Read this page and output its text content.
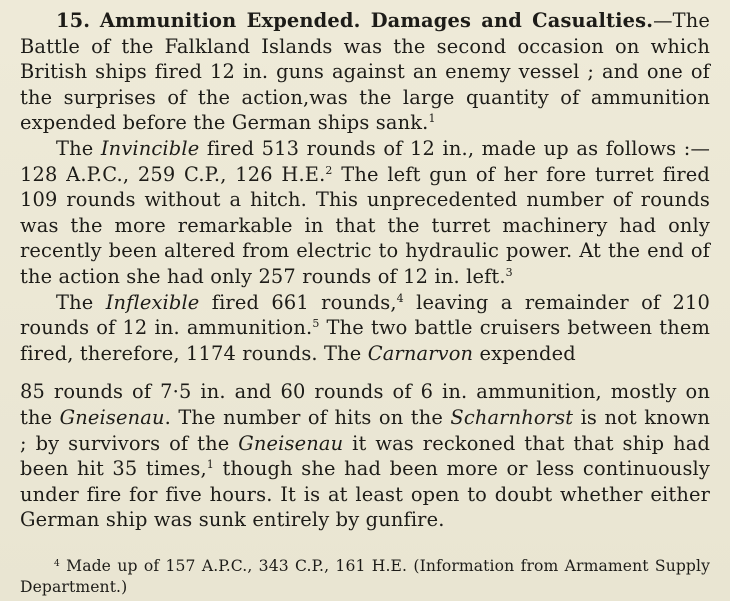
15. Ammunition Expended. Damages and Casualties.—The Battle of the Falkland Islands was the second occasion on which British ships fired 12 in. guns against an enemy vessel ; and one of the surprises of the action,was the large quantity of ammunition expended before the German ships sank.$^1$

The Invincible fired 513 rounds of 12 in., made up as follows :— 128 A.P.C., 259 C.P., 126 H.E.$^2$ The left gun of her fore turret fired 109 rounds without a hitch. This unprecedented number of rounds was the more remarkable in that the turret machinery had only recently been altered from electric to hydraulic power. At the end of the action she had only 257 rounds of 12 in. left.$^3$

The Inflexible fired 661 rounds,$^4$ leaving a remainder of 210 rounds of 12 in. ammunition.$^5$ The two battle cruisers between them fired, therefore, 1174 rounds. The Carnarvon expended

85 rounds of 7·5 in. and 60 rounds of 6 in. ammunition, mostly on the Gneisenau. The number of hits on the Scharnhorst is not known ; by survivors of the Gneisenau it was reckoned that that ship had been hit 35 times,$^1$ though she had been more or less continuously under fire for five hours. It is at least open to doubt whether either German ship was sunk entirely by gunfire.

$^4$ Made up of 157 A.P.C., 343 C.P., 161 H.E. (Information from Armament Supply Department.)
